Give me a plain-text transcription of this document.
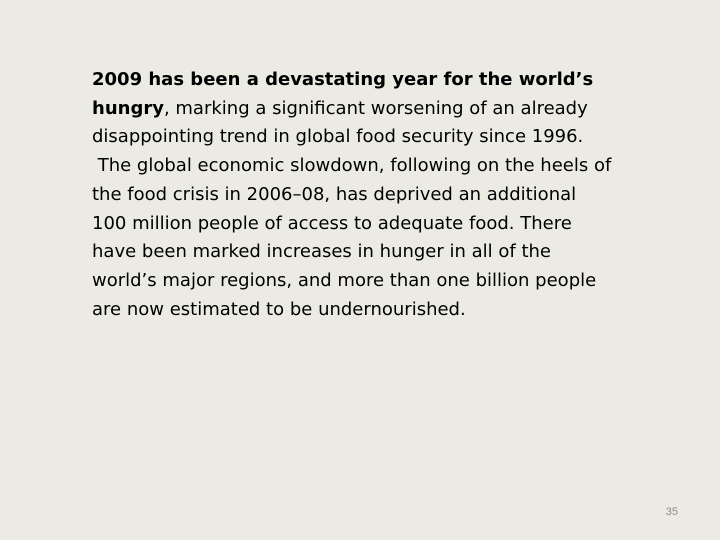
2009 has been a devastating year for the world’s hungry, marking a significant worsening of an already disappointing trend in global food security since 1996.
The global economic slowdown, following on the heels of the food crisis in 2006–08, has deprived an additional 100 million people of access to adequate food. There have been marked increases in hunger in all of the world’s major regions, and more than one billion people are now estimated to be undernourished.
35
